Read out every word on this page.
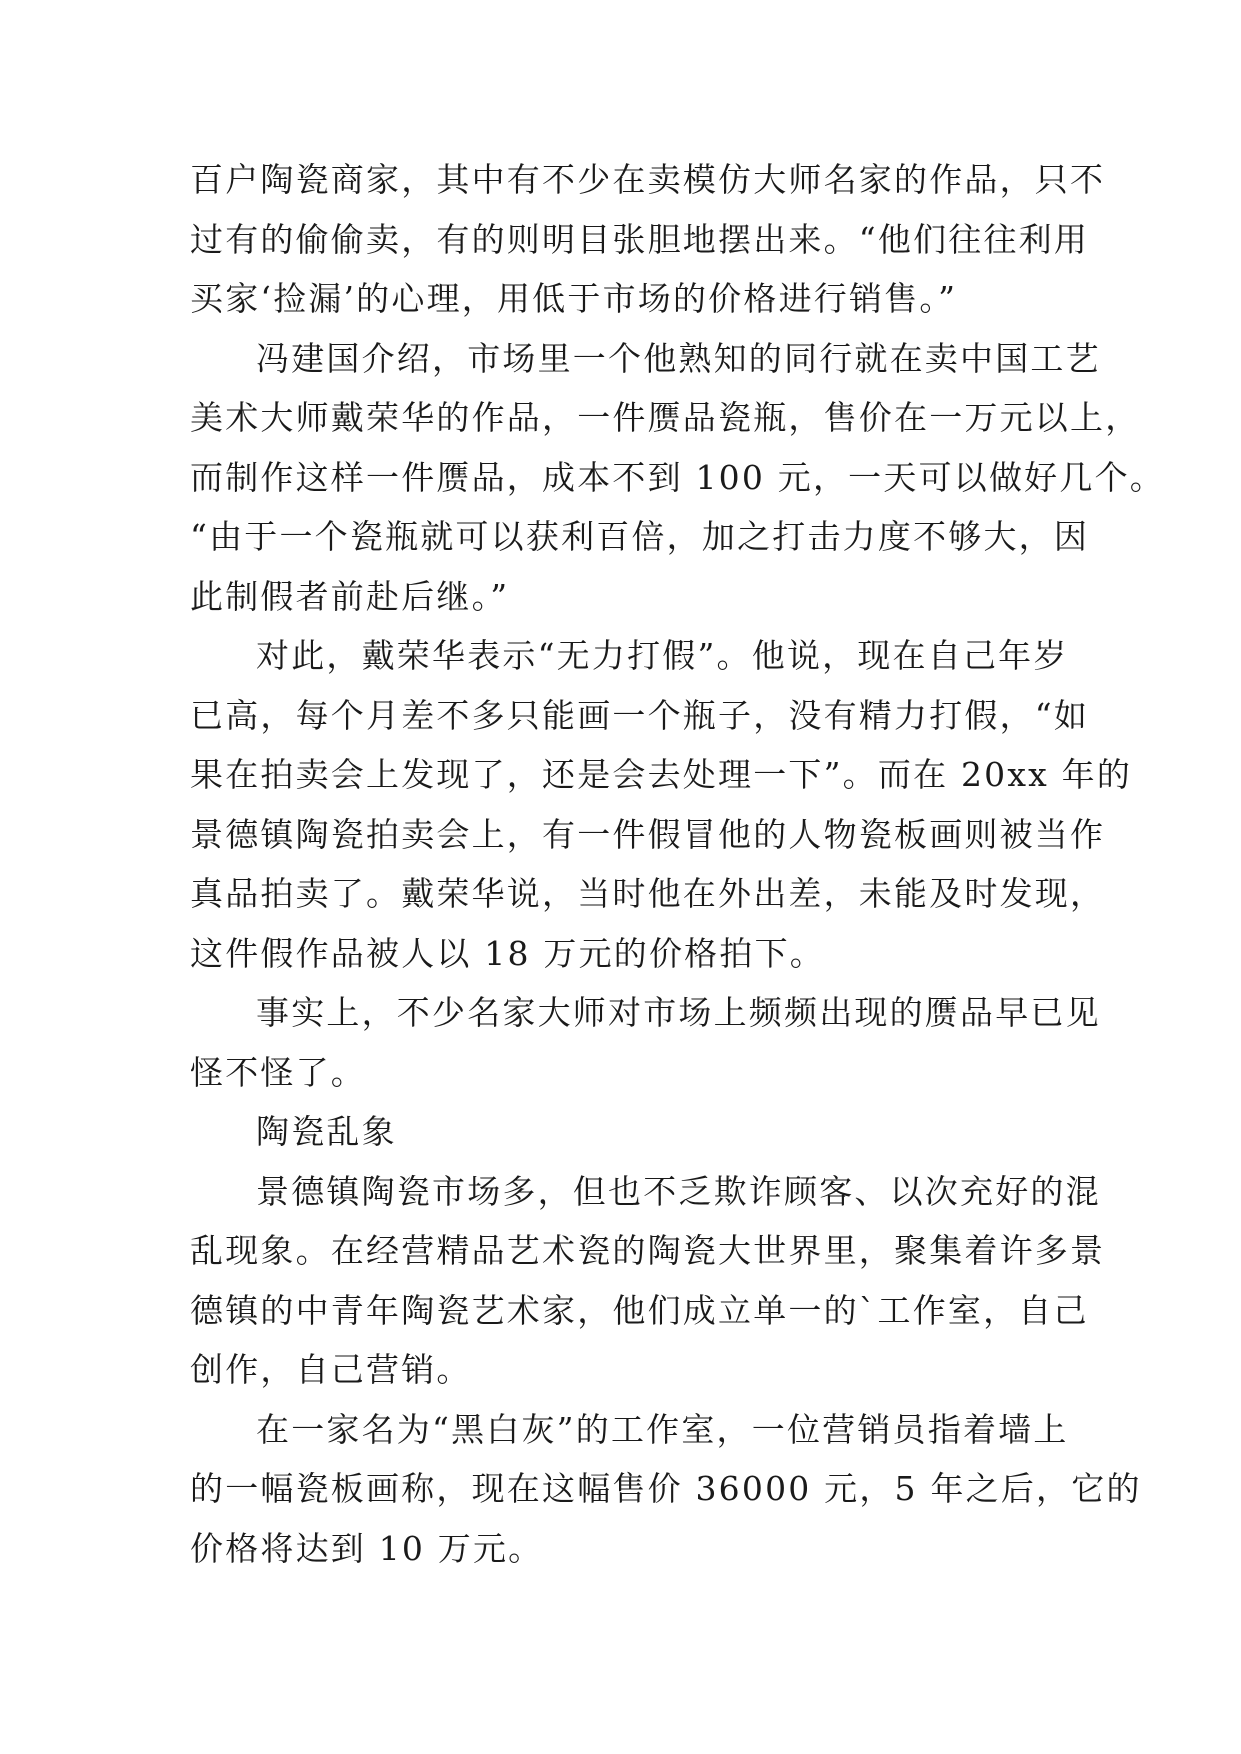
百户陶瓷商家，其中有不少在卖模仿大师名家的作品，只不
过有的偷偷卖，有的则明目张胆地摆出来。“他们往往利用
买家‘捡漏’的心理，用低于市场的价格进行销售。”
冯建国介绍，市场里一个他熟知的同行就在卖中国工艺
美术大师戴荣华的作品，一件赝品瓷瓶，售价在一万元以上，
而制作这样一件赝品，成本不到 100 元，一天可以做好几个。
“由于一个瓷瓶就可以获利百倍，加之打击力度不够大，因
此制假者前赴后继。”
对此，戴荣华表示“无力打假”。他说，现在自己年岁
已高，每个月差不多只能画一个瓶子，没有精力打假，“如
果在拍卖会上发现了，还是会去处理一下”。而在 20xx 年的
景德镇陶瓷拍卖会上，有一件假冒他的人物瓷板画则被当作
真品拍卖了。戴荣华说，当时他在外出差，未能及时发现，
这件假作品被人以 18 万元的价格拍下。
事实上，不少名家大师对市场上频频出现的赝品早已见
怪不怪了。
陶瓷乱象
景德镇陶瓷市场多，但也不乏欺诈顾客、以次充好的混
乱现象。在经营精品艺术瓷的陶瓷大世界里，聚集着许多景
德镇的中青年陶瓷艺术家，他们成立单一的`工作室，自己
创作，自己营销。
在一家名为“黑白灰”的工作室，一位营销员指着墙上
的一幅瓷板画称，现在这幅售价 36000 元，5 年之后，它的
价格将达到 10 万元。
